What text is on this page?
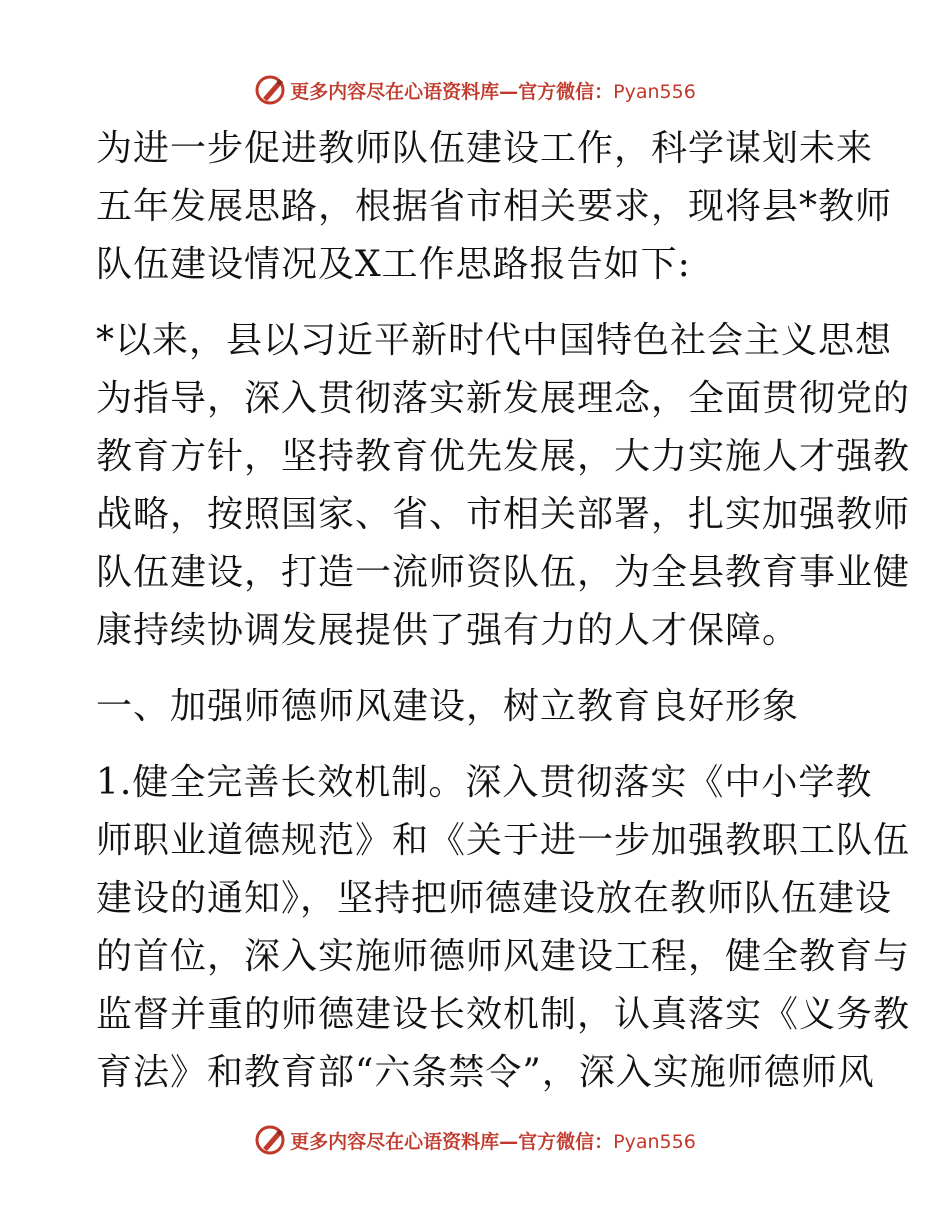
更多内容尽在心语资料库—官方微信：Pyan556
为进一步促进教师队伍建设工作，科学谋划未来
五年发展思路，根据省市相关要求，现将县*教师
队伍建设情况及X工作思路报告如下:
*以来，县以习近平新时代中国特色社会主义思想
为指导，深入贯彻落实新发展理念，全面贯彻党的
教育方针，坚持教育优先发展，大力实施人才强教
战略，按照国家、省、市相关部署，扎实加强教师
队伍建设，打造一流师资队伍，为全县教育事业健
康持续协调发展提供了强有力的人才保障。
一、加强师德师风建设，树立教育良好形象
1.健全完善长效机制。深入贯彻落实《中小学教
师职业道德规范》和《关于进一步加强教职工队伍
建设的通知》，坚持把师德建设放在教师队伍建设
的首位，深入实施师德师风建设工程，健全教育与
监督并重的师德建设长效机制，认真落实《义务教
育法》和教育部“六条禁令”，深入实施师德师风
更多内容尽在心语资料库—官方微信：Pyan556
